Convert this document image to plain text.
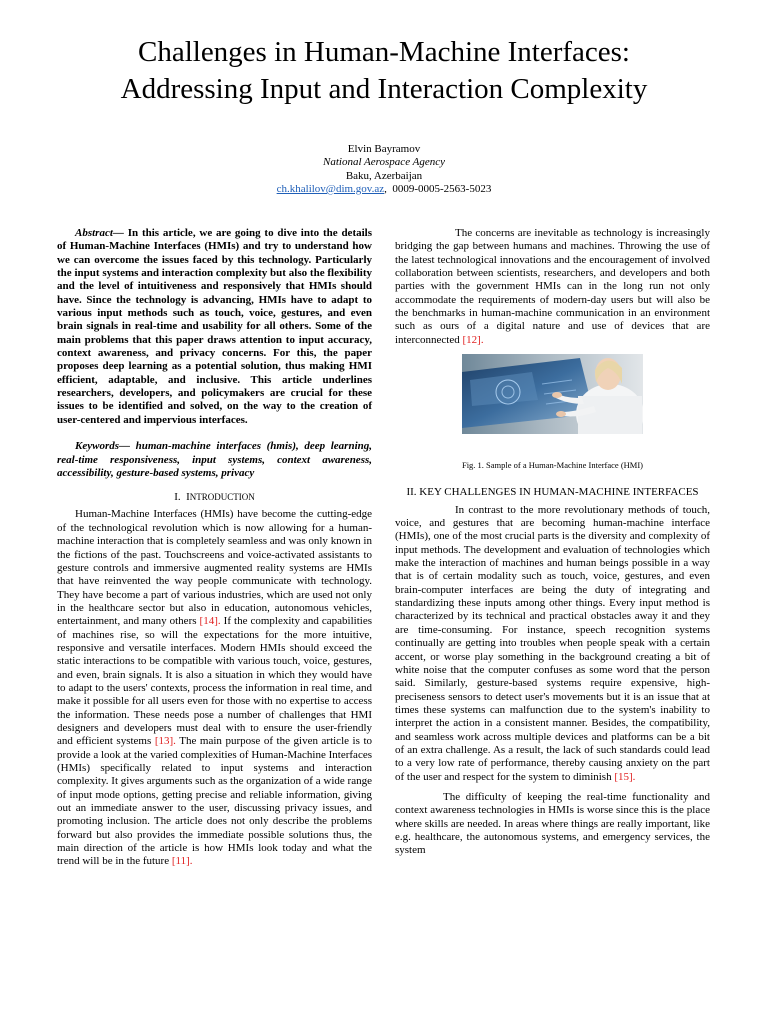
Challenges in Human-Machine Interfaces:
Addressing Input and Interaction Complexity
Elvin Bayramov
National Aerospace Agency
Baku, Azerbaijan
ch.khalilov@dim.gov.az,  0009-0005-2563-5023

Abstract— In this article, we are going to dive into the details of Human-Machine Interfaces (HMIs) and try to understand how we can overcome the issues faced by this technology. Particularly the input systems and interaction complexity but also the flexibility and the level of intuitiveness and responsively that HMIs should have. Since the technology is advancing, HMIs have to adapt to various input methods such as touch, voice, gestures, and even brain signals in real-time and usability for all others. Some of the main problems that this paper draws attention to input accuracy, context awareness, and privacy concerns. For this, the paper proposes deep learning as a potential solution, thus making HMI efficient, adaptable, and inclusive. This article underlines researchers, developers, and policymakers are crucial for these issues to be identified and solved, on the way to the creation of user-centered and impervious interfaces.

Keywords— human-machine interfaces (hmis), deep learning, real-time responsiveness, input systems, context awareness, accessibility, gesture-based systems, privacy

I. INTRODUCTION

Human-Machine Interfaces (HMIs) have become the cutting-edge of the technological revolution which is now allowing for a human-machine interaction that is completely seamless and was only known in the fictions of the past. Touchscreens and voice-activated assistants to gesture controls and immersive augmented reality systems are HMIs that have reinvented the way people communicate with technology. They have become a part of various industries, which are used not only in the healthcare sector but also in education, autonomous vehicles, entertainment, and many others [14]. If the complexity and capabilities of machines rise, so will the expectations for the more intuitive, responsive and versatile interfaces. Modern HMIs should exceed the static interactions to be compatible with various touch, voice, gestures, and even, brain signals. It is also a situation in which they would have to adapt to the users' contexts, process the information in real time, and make it possible for all users even for those with no expertise to access the information. These needs pose a number of challenges that HMI designers and developers must deal with to ensure the user-friendly and efficient systems [13]. The main purpose of the given article is to provide a look at the varied complexities of Human-Machine Interfaces (HMIs) specifically related to input systems and interaction complexity. It gives arguments such as the organization of a wide range of input mode options, getting precise and reliable information, giving out an immediate answer to the user, discussing privacy issues, and promoting inclusion. The article does not only describe the problems forward but also provides the immediate possible solutions thus, the main direction of the article is how HMIs look today and what the trend will be in the future [11].

The concerns are inevitable as technology is increasingly bridging the gap between humans and machines. Throwing the use of the latest technological innovations and the encouragement of involved collaboration between scientists, researchers, and developers and both parties with the government HMIs can in the long run not only accommodate the requirements of modern-day users but will also be the benchmarks in human-machine communication in an environment such as ours of a digital nature and use of devices that are interconnected [12].

Fig. 1. Sample of a Human-Machine Interface (HMI)
II. KEY CHALLENGES IN HUMAN-MACHINE INTERFACES

In contrast to the more revolutionary methods of touch, voice, and gestures that are becoming human-machine interface (HMIs), one of the most crucial parts is the diversity and complexity of input methods. The development and evaluation of technologies which make the interaction of machines and human beings possible in a way that is of certain modality such as touch, voice, gestures, and even brain-computer interfaces are being the duty of integrating and standardizing these inputs among other things. Every input method is characterized by its technical and practical obstacles away it and they are time-consuming. For instance, speech recognition systems continually are getting into troubles when people speak with a certain accent, or worse play something in the background creating a bit of white noise that the computer confuses as some word that the person said. Similarly, gesture-based systems require expensive, high-preciseness sensors to detect user's movements but it is an issue that at times these systems can malfunction due to the system's inability to interpret the action in a consistent manner. Besides, the compatibility, and seamless work across multiple devices and platforms can be a bit of an extra challenge. As a result, the lack of such standards could lead to a very low rate of performance, thereby causing anxiety on the part of the user and respect for the system to diminish [15].

The difficulty of keeping the real-time functionality and context awareness technologies in HMIs is worse since this is the place where skills are needed. In areas where things are really important, like e.g. healthcare, the autonomous systems, and emergency services, the system
